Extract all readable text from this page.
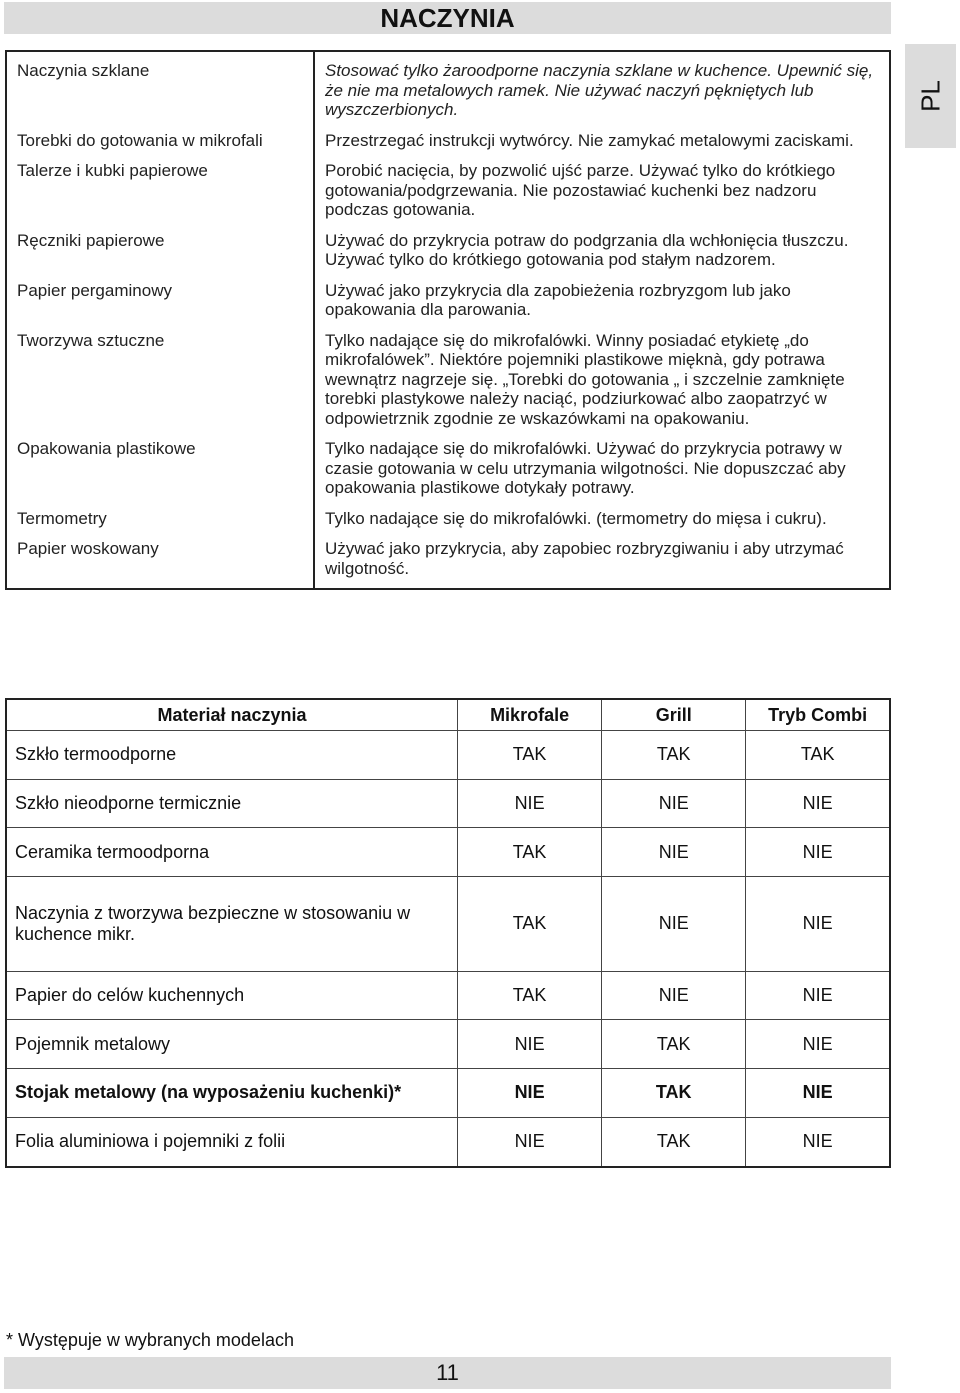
NACZYNIA
PL
Naczynia szklane	Stosować tylko żaroodporne naczynia szklane w kuchence. Upewnić się, że nie ma metalowych ramek. Nie używać naczyń pękniętych lub wyszczerbionych.
Torebki do gotowania w mikrofali	Przestrzegać instrukcji wytwórcy. Nie zamykać metalowymi zaciskami.
Talerze i kubki papierowe	Porobić nacięcia, by pozwolić ujść parze. Używać tylko do krótkiego gotowania/podgrzewania. Nie pozostawiać kuchenki bez nadzoru podczas gotowania.
Ręczniki papierowe	Używać do przykrycia potraw do podgrzania dla wchłonięcia tłuszczu. Używać tylko do krótkiego gotowania pod stałym nadzorem.
Papier pergaminowy	Używać jako przykrycia dla zapobieżenia rozbryzgom lub jako opakowania dla parowania.
Tworzywa sztuczne	Tylko nadające się do mikrofalówki. Winny posiadać etykietę „do mikrofalówek”. Niektóre pojemniki plastikowe mięknà, gdy potrawa wewnątrz nagrzeje się. „Torebki do gotowania „ i szczelnie zamknięte torebki plastykowe należy naciąć, podziurkować albo zaopatrzyć w odpowietrznik zgodnie ze wskazówkami na opakowaniu.
Opakowania plastikowe	Tylko nadające się do mikrofalówki. Używać do przykrycia potrawy w czasie gotowania w celu utrzymania wilgotności. Nie dopuszczać aby opakowania plastikowe dotykały potrawy.
Termometry	Tylko nadające się do mikrofalówki. (termometry do mięsa i cukru).
Papier woskowany	Używać jako przykrycia, aby zapobiec rozbryzgiwaniu i aby utrzymać wilgotność.
Materiał naczynia	Mikrofale	Grill	Tryb Combi
Szkło termoodporne	TAK	TAK	TAK
Szkło nieodporne termicznie	NIE	NIE	NIE
Ceramika termoodporna	TAK	NIE	NIE
Naczynia z tworzywa bezpieczne w stosowaniu w kuchence mikr.	TAK	NIE	NIE
Papier do celów kuchennych	TAK	NIE	NIE
Pojemnik metalowy	NIE	TAK	NIE
Stojak metalowy (na wyposażeniu kuchenki)*	NIE	TAK	NIE
Folia aluminiowa i pojemniki z folii	NIE	TAK	NIE
* Występuje w wybranych modelach
11
